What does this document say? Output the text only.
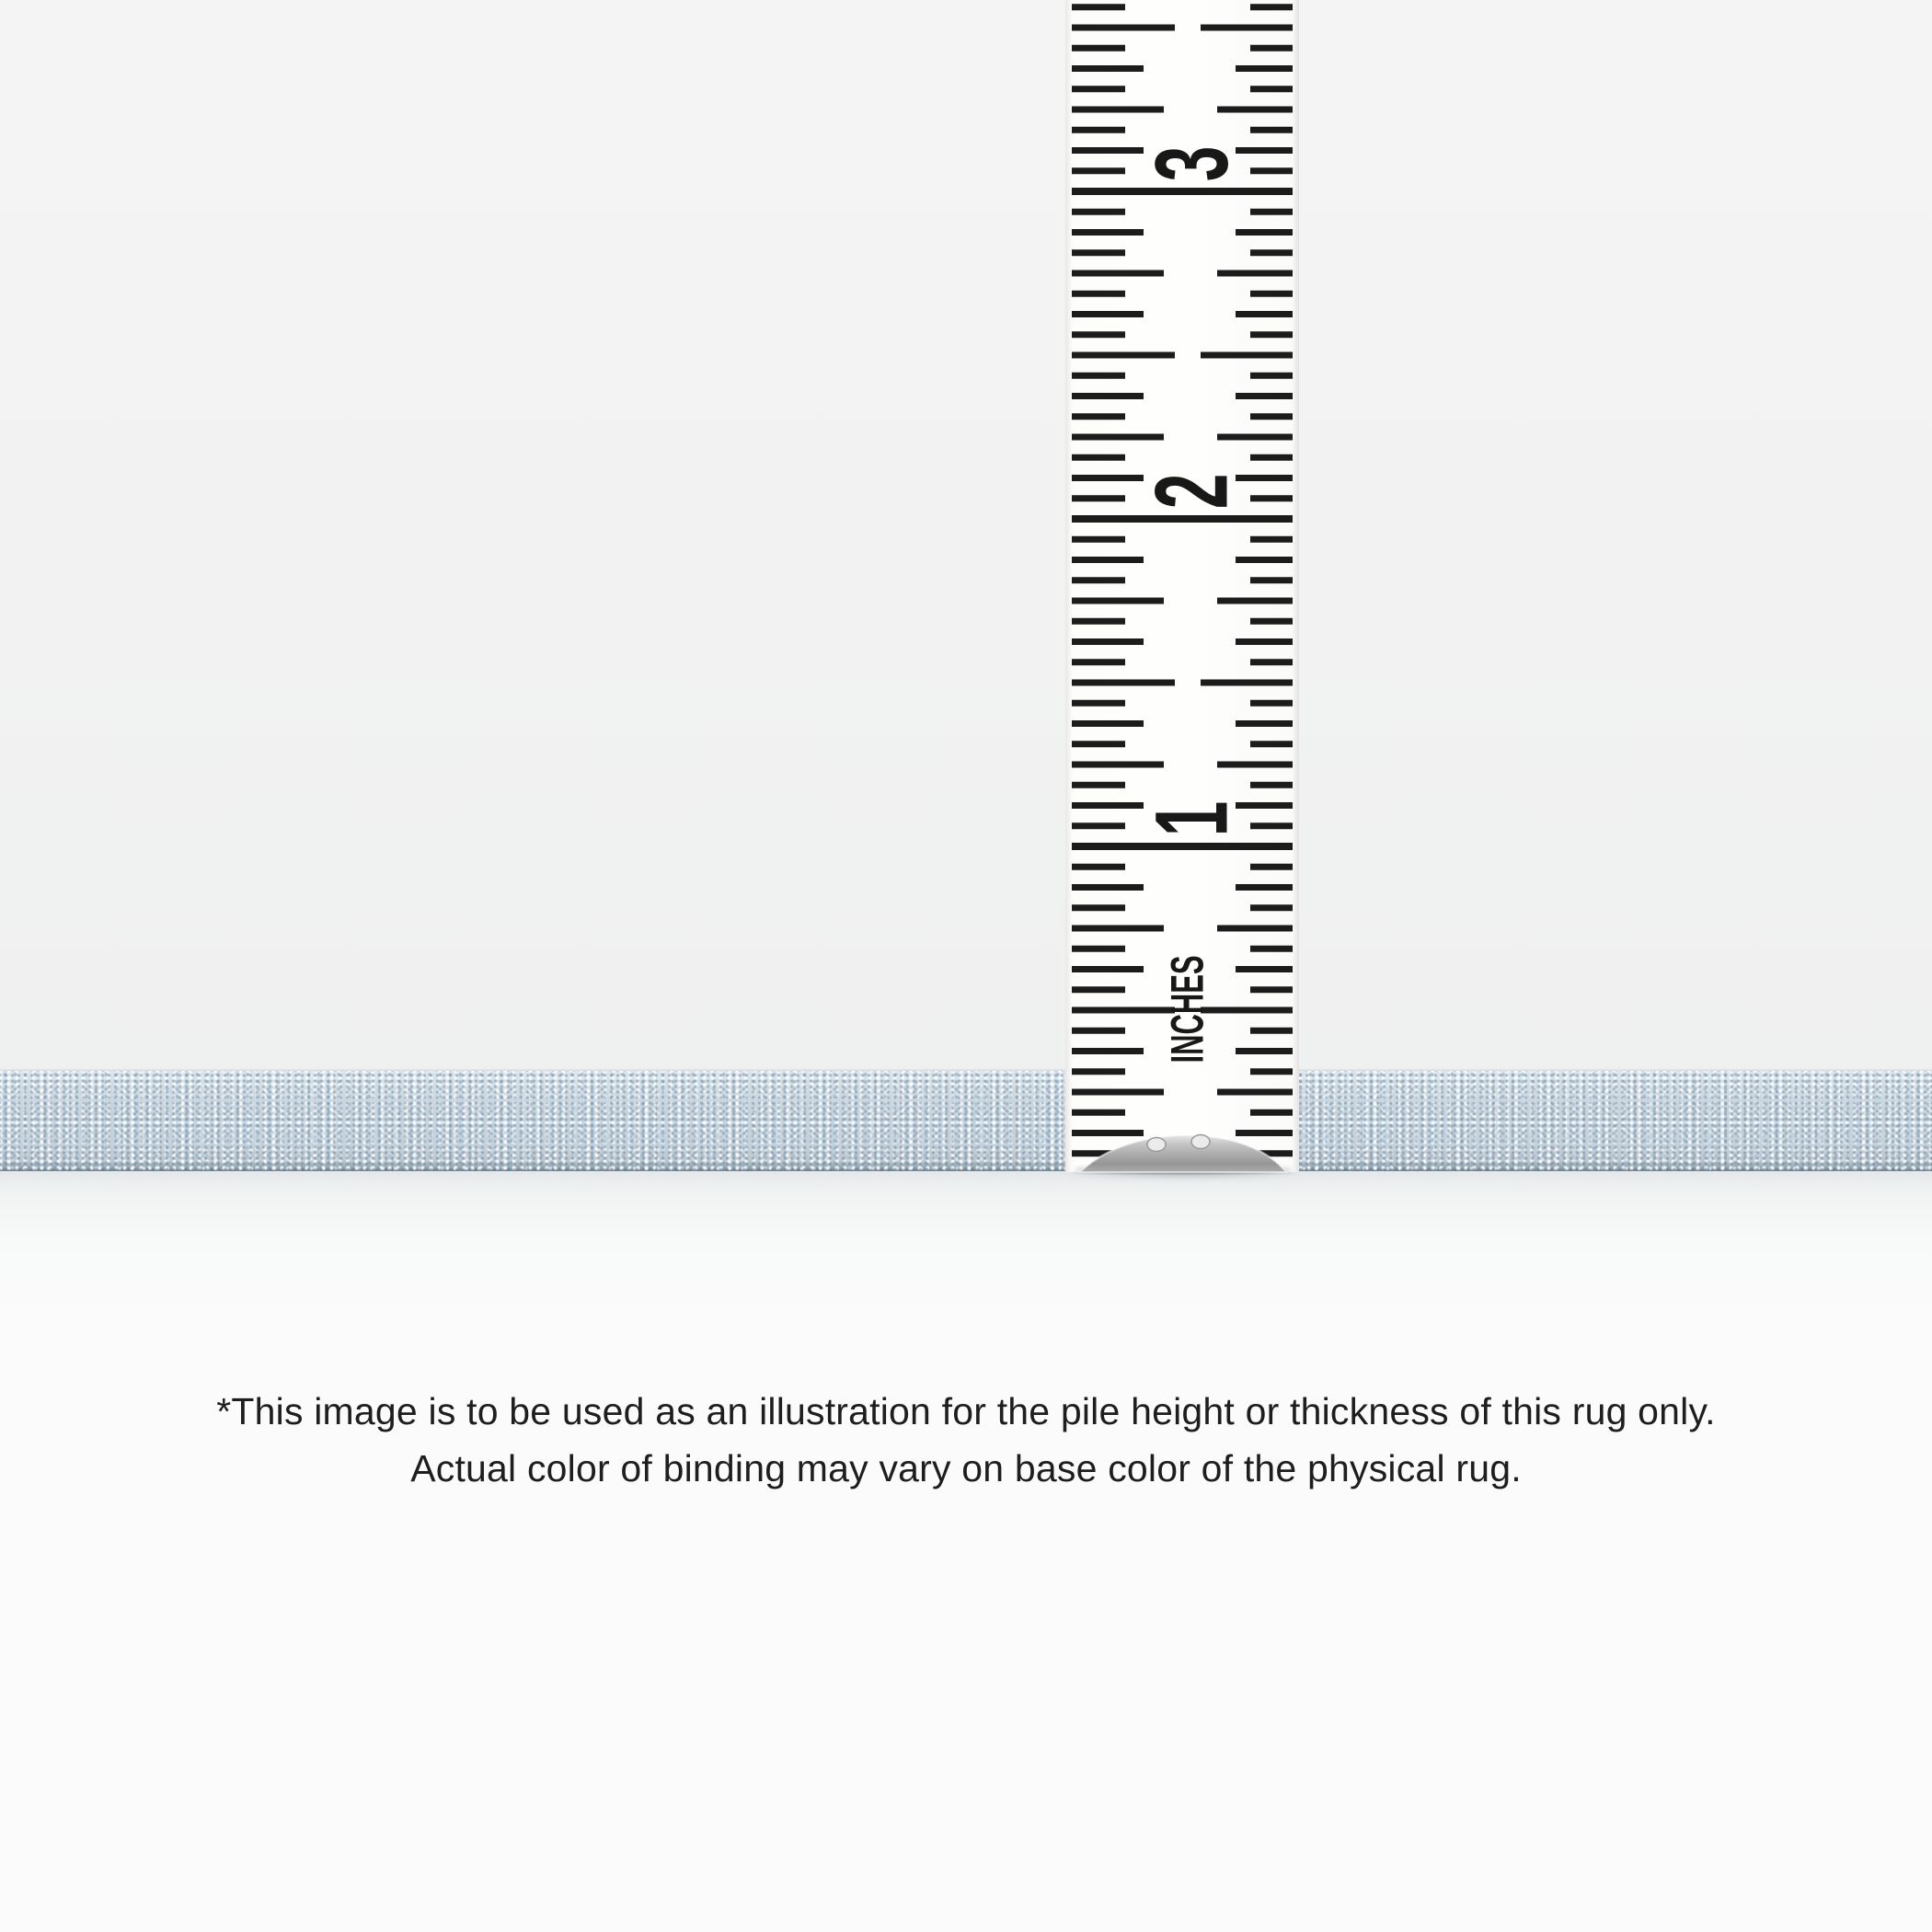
1
2
3
INCHES

*This image is to be used as an illustration for the pile height or thickness of this rug only.

Actual color of binding may vary on base color of the physical rug.
